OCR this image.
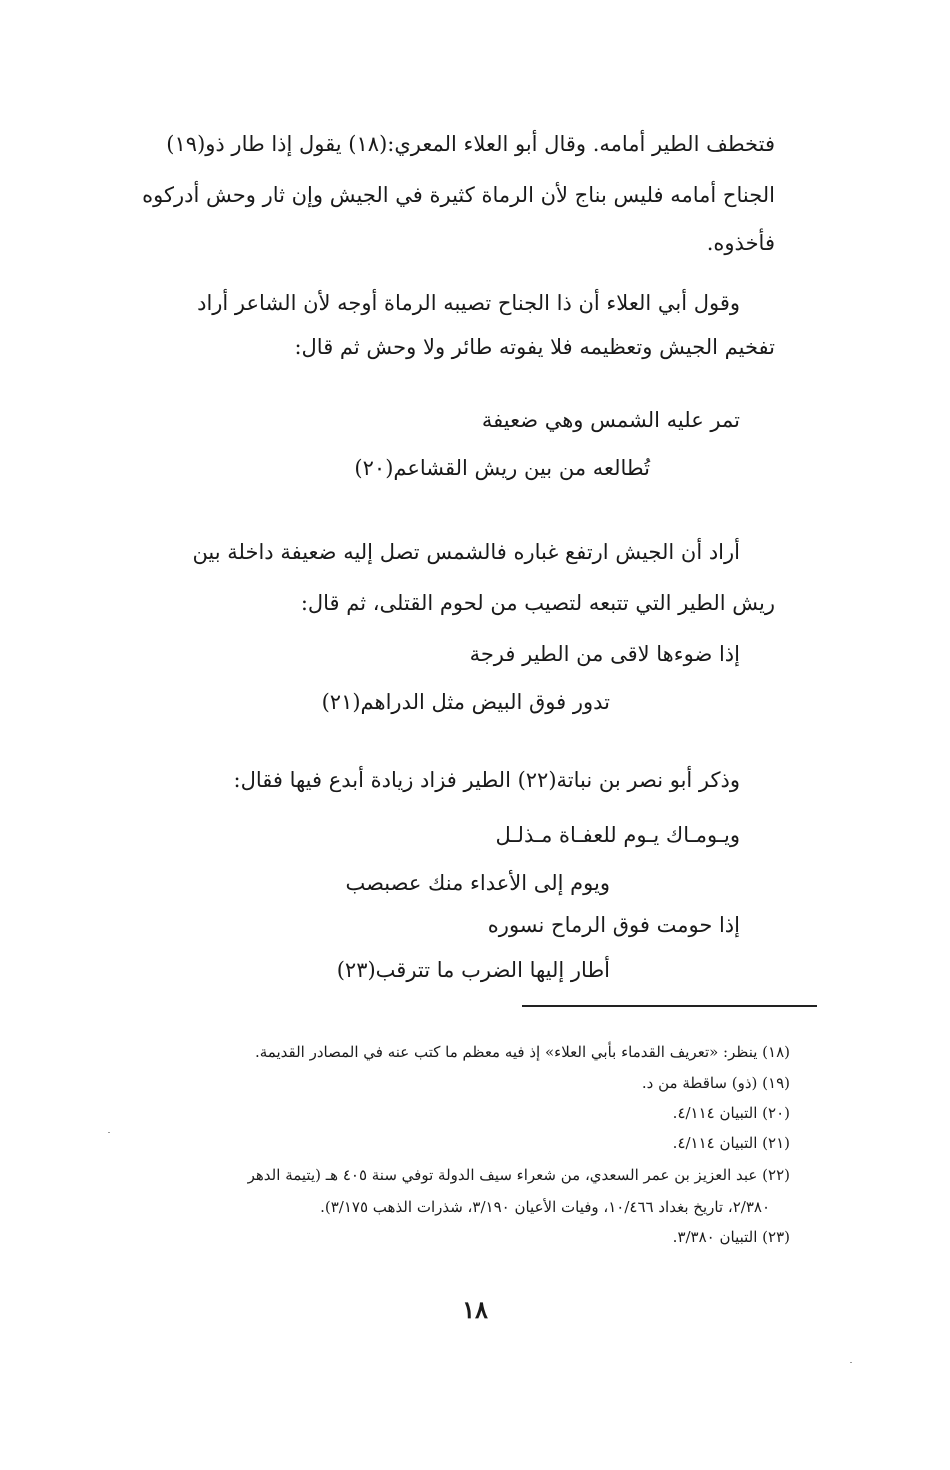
فتخطف الطير أمامه. وقال أبو العلاء المعري:(١٨) يقول إذا طار ذو(١٩)
الجناح أمامه فليس بناج لأن الرماة كثيرة في الجيش وإن ثار وحش أدركوه
فأخذوه.
وقول أبي العلاء أن ذا الجناح تصيبه الرماة أوجه لأن الشاعر أراد
تفخيم الجيش وتعظيمه فلا يفوته طائر ولا وحش ثم قال:
تمر عليه الشمس وهي ضعيفة
تُطالعه من بين ريش القشاعم(٢٠)
أراد أن الجيش ارتفع غباره فالشمس تصل إليه ضعيفة داخلة بين
ريش الطير التي تتبعه لتصيب من لحوم القتلى، ثم قال:
إذا ضوءها لاقى من الطير فرجة
تدور فوق البيض مثل الدراهم(٢١)
وذكر أبو نصر بن نباتة(٢٢) الطير فزاد زيادة أبدع فيها فقال:
ويـومـاك يـوم للعفـاة مـذلـل
ويوم إلى الأعداء منك عصبصب
إذا حومت فوق الرماح نسوره
أطار إليها الضرب ما تترقب(٢٣)
(١٨) ينظر: «تعريف القدماء بأبي العلاء» إذ فيه معظم ما كتب عنه في المصادر القديمة.
(١٩) (ذو) ساقطة من د.
(٢٠) التبيان ٤/١١٤.
(٢١) التبيان ٤/١١٤.
(٢٢) عبد العزيز بن عمر السعدي، من شعراء سيف الدولة توفي سنة ٤٠٥ هـ (يتيمة الدهر
٢/٣٨٠، تاريخ بغداد ١٠/٤٦٦، وفيات الأعيان ٣/١٩٠، شذرات الذهب ٣/١٧٥).
(٢٣) التبيان ٣/٣٨٠.
١٨
